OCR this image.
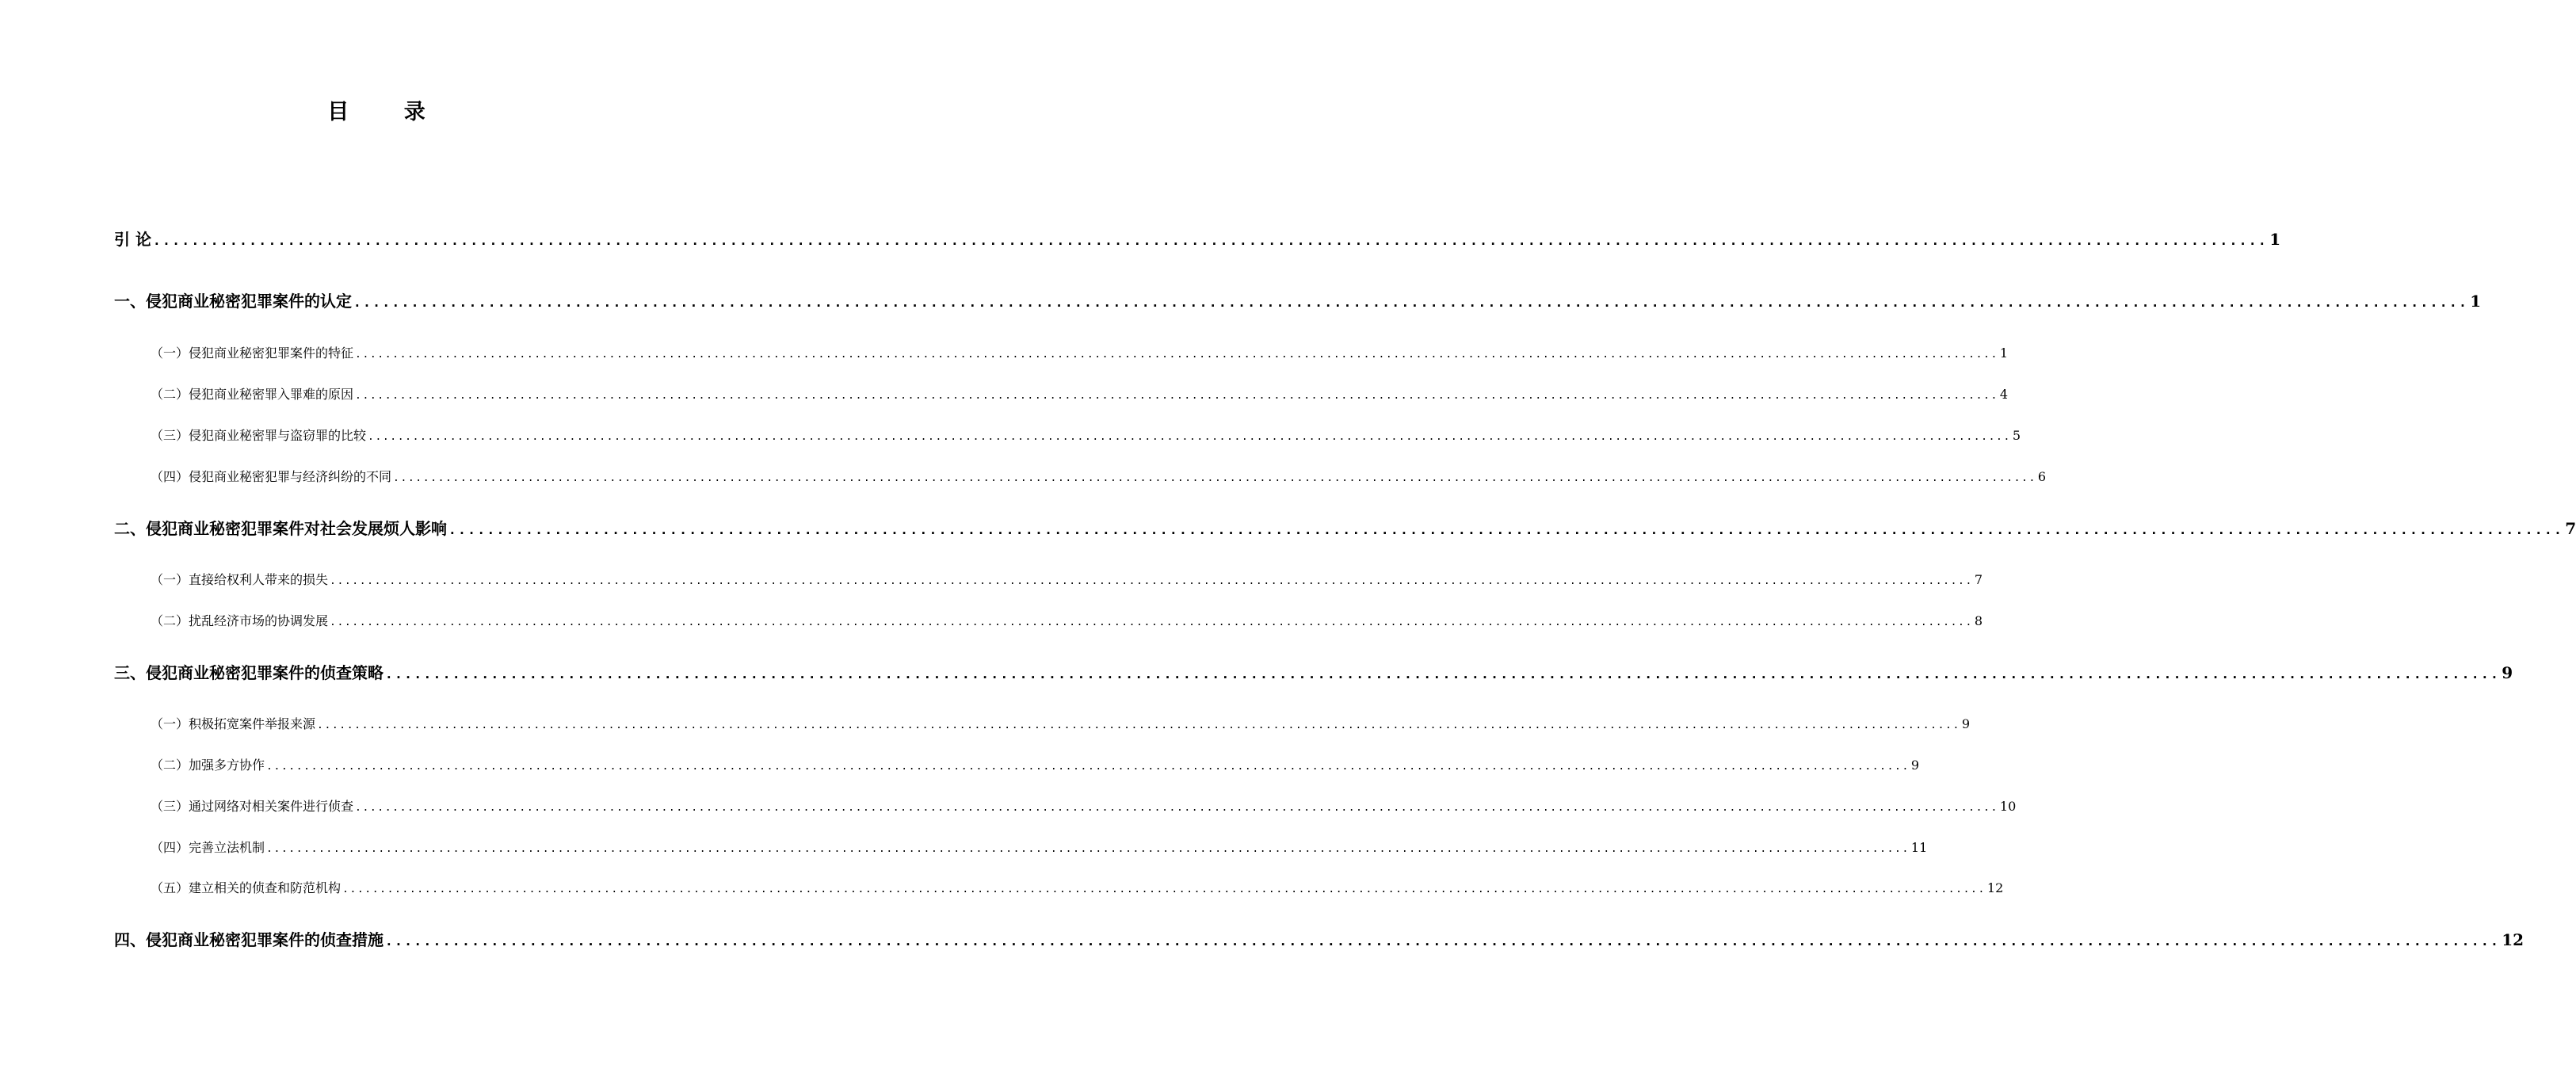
目 录
引 论 ............................................................................................................................................................................................................................ 1
一、侵犯商业秘密犯罪案件的认定 ............................................................................................................................................................................................................................ 1
（一）侵犯商业秘密犯罪案件的特征 ............................................................................................................................................................................................................................ 1
（二）侵犯商业秘密罪入罪难的原因 ............................................................................................................................................................................................................................ 4
（三）侵犯商业秘密罪与盗窃罪的比较 ............................................................................................................................................................................................................................ 5
（四）侵犯商业秘密犯罪与经济纠纷的不同 ............................................................................................................................................................................................................................ 6
二、侵犯商业秘密犯罪案件对社会发展烦人影响 ............................................................................................................................................................................................................................ 7
（一）直接给权利人带来的损失 ............................................................................................................................................................................................................................ 7
（二）扰乱经济市场的协调发展 ............................................................................................................................................................................................................................ 8
三、侵犯商业秘密犯罪案件的侦查策略 ............................................................................................................................................................................................................................ 9
（一）积极拓宽案件举报来源 ............................................................................................................................................................................................................................ 9
（二）加强多方协作 ............................................................................................................................................................................................................................ 9
（三）通过网络对相关案件进行侦查 ............................................................................................................................................................................................................................ 10
（四）完善立法机制 ............................................................................................................................................................................................................................ 11
（五）建立相关的侦查和防范机构 ............................................................................................................................................................................................................................ 12
四、侵犯商业秘密犯罪案件的侦查措施 ............................................................................................................................................................................................................................ 12
